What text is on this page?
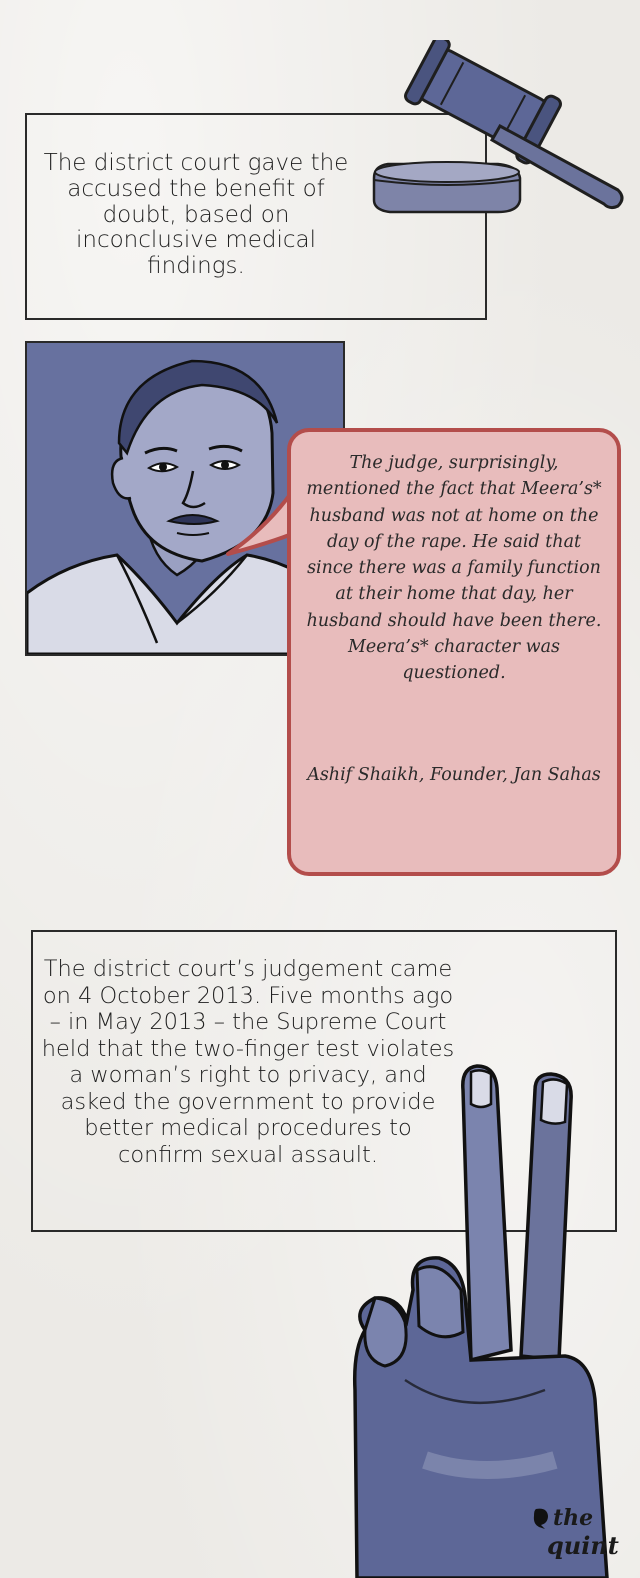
The district court gave the accused the benefit of doubt, based on inconclusive medical findings.
The judge, surprisingly, mentioned the fact that Meera’s* husband was not at home on the day of the rape. He said that since there was a family function at their home that day, her husband should have been there. Meera’s* character was questioned.
Ashif Shaikh, Founder, Jan Sahas
The district court’s judgement came on 4 October 2013. Five months ago – in May 2013 – the Supreme Court held that the two-finger test violates a woman’s right to privacy, and asked the government to provide better medical procedures to confirm sexual assault.
the
quint
